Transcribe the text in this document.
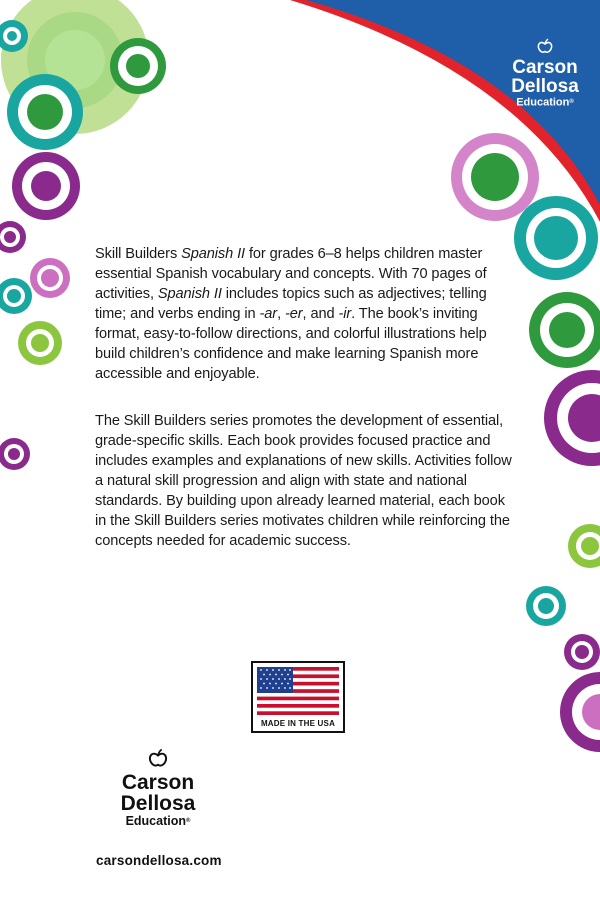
Carson
Dellosa
Education®

Skill Builders Spanish II for grades 6–8 helps children master essential Spanish vocabulary and concepts. With 70 pages of activities, Spanish II includes topics such as adjectives; telling time; and verbs ending in -ar, -er, and -ir. The book’s inviting format, easy-to-follow directions, and colorful illustrations help build children’s confidence and make learning Spanish more accessible and enjoyable.

The Skill Builders series promotes the development of essential, grade-specific skills. Each book provides focused practice and includes examples and explanations of new skills. Activities follow a natural skill progression and align with state and national standards. By building upon already learned material, each book in the Skill Builders series motivates children while reinforcing the concepts needed for academic success.

MADE IN THE USA
Carson
Dellosa
Education®
carsondellosa.com
